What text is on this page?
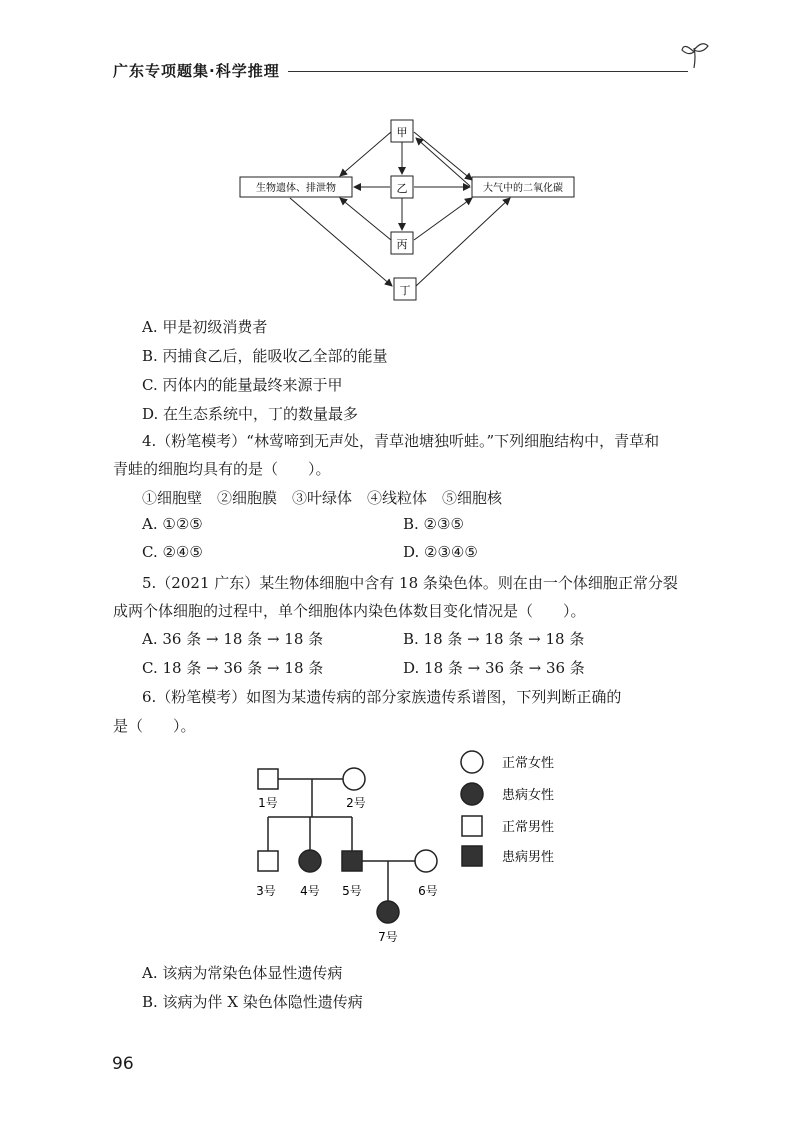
广东专项题集·科学推理
甲
乙
丙
丁
生物遗体、排泄物	大气中的二氧化碳
A. 甲是初级消费者
B. 丙捕食乙后，能吸收乙全部的能量
C. 丙体内的能量最终来源于甲
D. 在生态系统中，丁的数量最多
4.（粉笔模考）“林莺啼到无声处，青草池塘独听蛙。”下列细胞结构中，青草和
青蛙的细胞均具有的是（　　）。
①细胞壁　②细胞膜　③叶绿体　④线粒体　⑤细胞核
A. ①②⑤	B. ②③⑤
C. ②④⑤	D. ②③④⑤
5.（2021 广东）某生物体细胞中含有 18 条染色体。则在由一个体细胞正常分裂
成两个体细胞的过程中，单个细胞体内染色体数目变化情况是（　　）。
A. 36 条 → 18 条 → 18 条	B. 18 条 → 18 条 → 18 条
C. 18 条 → 36 条 → 18 条	D. 18 条 → 36 条 → 36 条
6.（粉笔模考）如图为某遗传病的部分家族遗传系谱图，下列判断正确的
是（　　）。
1号	2号
3号 4号 5号	6号
7号
正常女性
患病女性
正常男性
患病男性
A. 该病为常染色体显性遗传病
B. 该病为伴 X 染色体隐性遗传病
96
